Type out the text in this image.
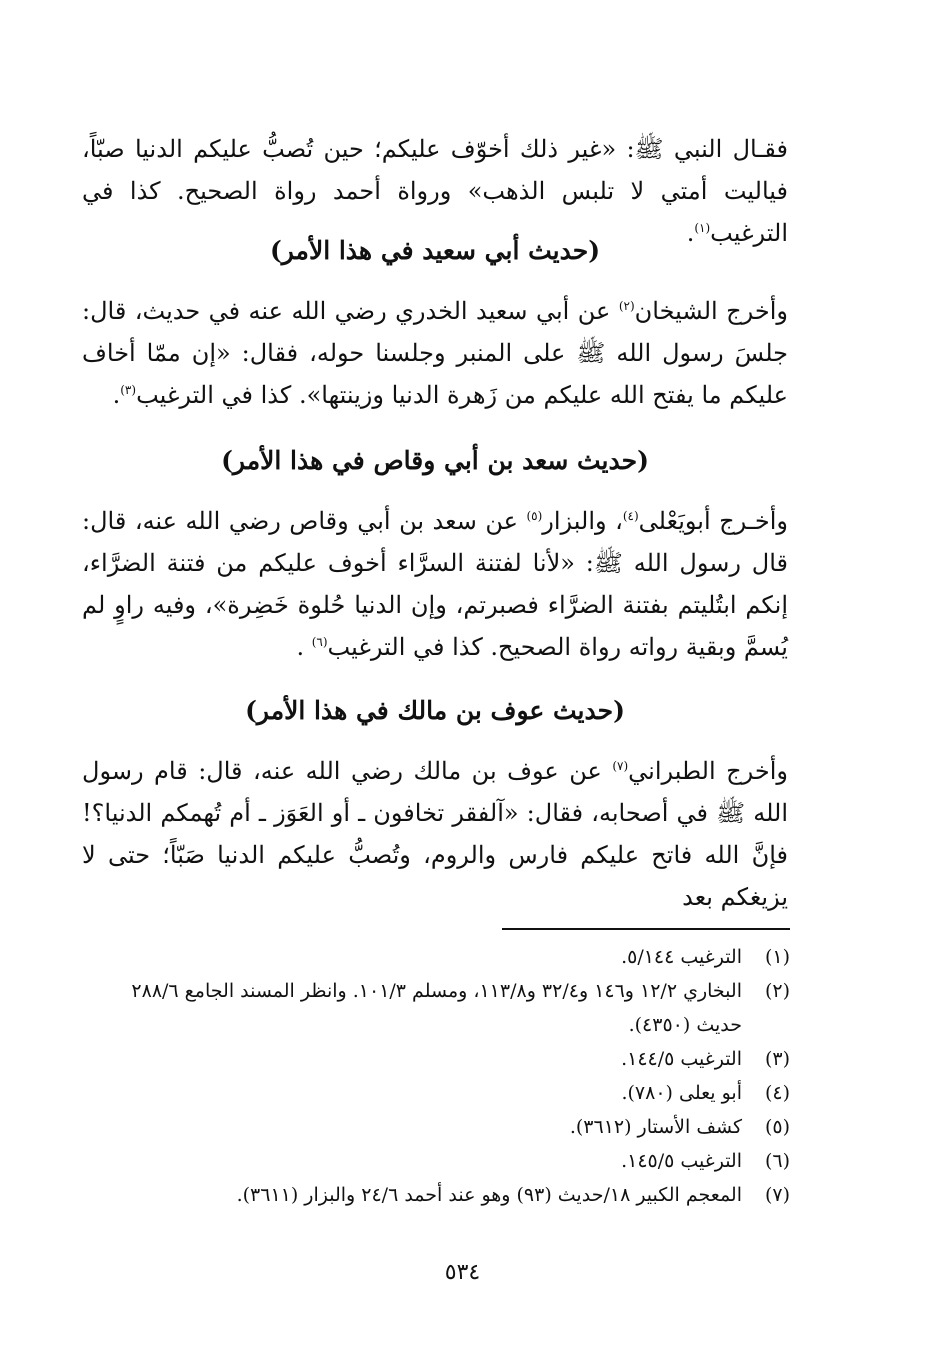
فقـال النبي ﷺ: «غير ذلك أخوّف عليكم؛ حين تُصبُّ عليكم الدنيا صبّاً، فياليت أمتي لا تلبس الذهب» ورواة أحمد رواة الصحيح. كذا في الترغيب$^{(١)}$.

(حديث أبي سعيد في هذا الأمر)

وأخرج الشيخان$^{(٢)}$ عن أبي سعيد الخدري رضي الله عنه في حديث، قال: جلسَ رسول الله ﷺ على المنبر وجلسنا حوله، فقال: «إن ممّا أخاف عليكم ما يفتح الله عليكم من زَهرة الدنيا وزينتها». كذا في الترغيب$^{(٣)}$.

(حديث سعد بن أبي وقاص في هذا الأمر)

وأخـرج أبويَعْلى$^{(٤)}$، والبزار$^{(٥)}$ عن سعد بن أبي وقاص رضي الله عنه، قال: قال رسول الله ﷺ: «لأنا لفتنة السرَّاء أخوف عليكم من فتنة الضرَّاء، إنكم ابتُليتم بفتنة الضرَّاء فصبرتم، وإن الدنيا حُلوة خَضِرة»، وفيه راوٍ لم يُسمَّ وبقية رواته رواة الصحيح. كذا في الترغيب$^{(٦)}$ .

(حديث عوف بن مالك في هذا الأمر)

وأخرج الطبراني$^{(٧)}$ عن عوف بن مالك رضي الله عنه، قال: قام رسول الله ﷺ في أصحابه، فقال: «آلفقر تخافون ـ أو العَوَز ـ أم تُهمكم الدنيا؟! فإنَّ الله فاتح عليكم فارس والروم، وتُصبُّ عليكم الدنيا صَبّاً؛ حتى لا يزيغكم بعد

(١)
الترغيب ٥/١٤٤.
(٢)
البخاري ١٢/٢ و١٤٦ و٣٢/٤ و١١٣/٨، ومسلم ١٠١/٣. وانظر المسند الجامع ٢٨٨/٦ حديث (٤٣٥٠).
(٣)
الترغيب ١٤٤/٥.
(٤)
أبو يعلى (٧٨٠).
(٥)
كشف الأستار (٣٦١٢).
(٦)
الترغيب ١٤٥/٥.
(٧)
المعجم الكبير ١٨/حديث (٩٣) وهو عند أحمد ٢٤/٦ والبزار (٣٦١١).
٥٣٤
